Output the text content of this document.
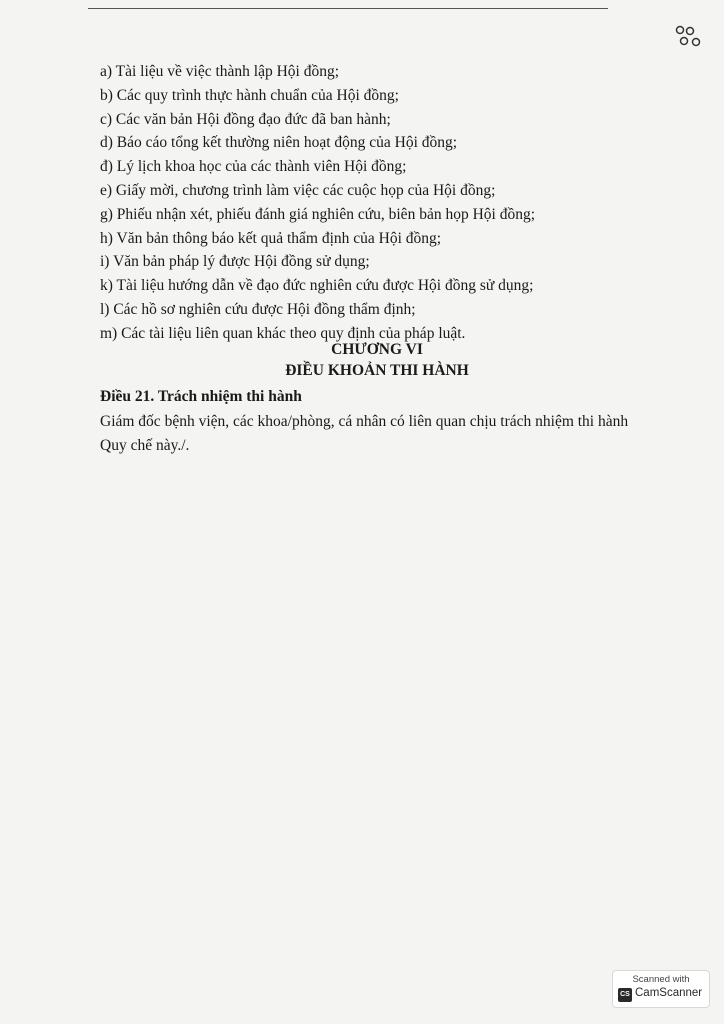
a) Tài liệu về việc thành lập Hội đồng;
b) Các quy trình thực hành chuẩn của Hội đồng;
c) Các văn bản Hội đồng đạo đức đã ban hành;
d) Báo cáo tổng kết thường niên hoạt động của Hội đồng;
đ) Lý lịch khoa học của các thành viên Hội đồng;
e) Giấy mời, chương trình làm việc các cuộc họp của Hội đồng;
g) Phiếu nhận xét, phiếu đánh giá nghiên cứu, biên bản họp Hội đồng;
h) Văn bản thông báo kết quả thẩm định của Hội đồng;
i) Văn bản pháp lý được Hội đồng sử dụng;
k) Tài liệu hướng dẫn về đạo đức nghiên cứu được Hội đồng sử dụng;
l) Các hồ sơ nghiên cứu được Hội đồng thẩm định;
m) Các tài liệu liên quan khác theo quy định của pháp luật.
CHƯƠNG VI
ĐIỀU KHOẢN THI HÀNH
Điều 21. Trách nhiệm thi hành

Giám đốc bệnh viện, các khoa/phòng, cá nhân có liên quan chịu trách nhiệm thi hành
Quy chế này./.

Scanned with
CS CamScanner
